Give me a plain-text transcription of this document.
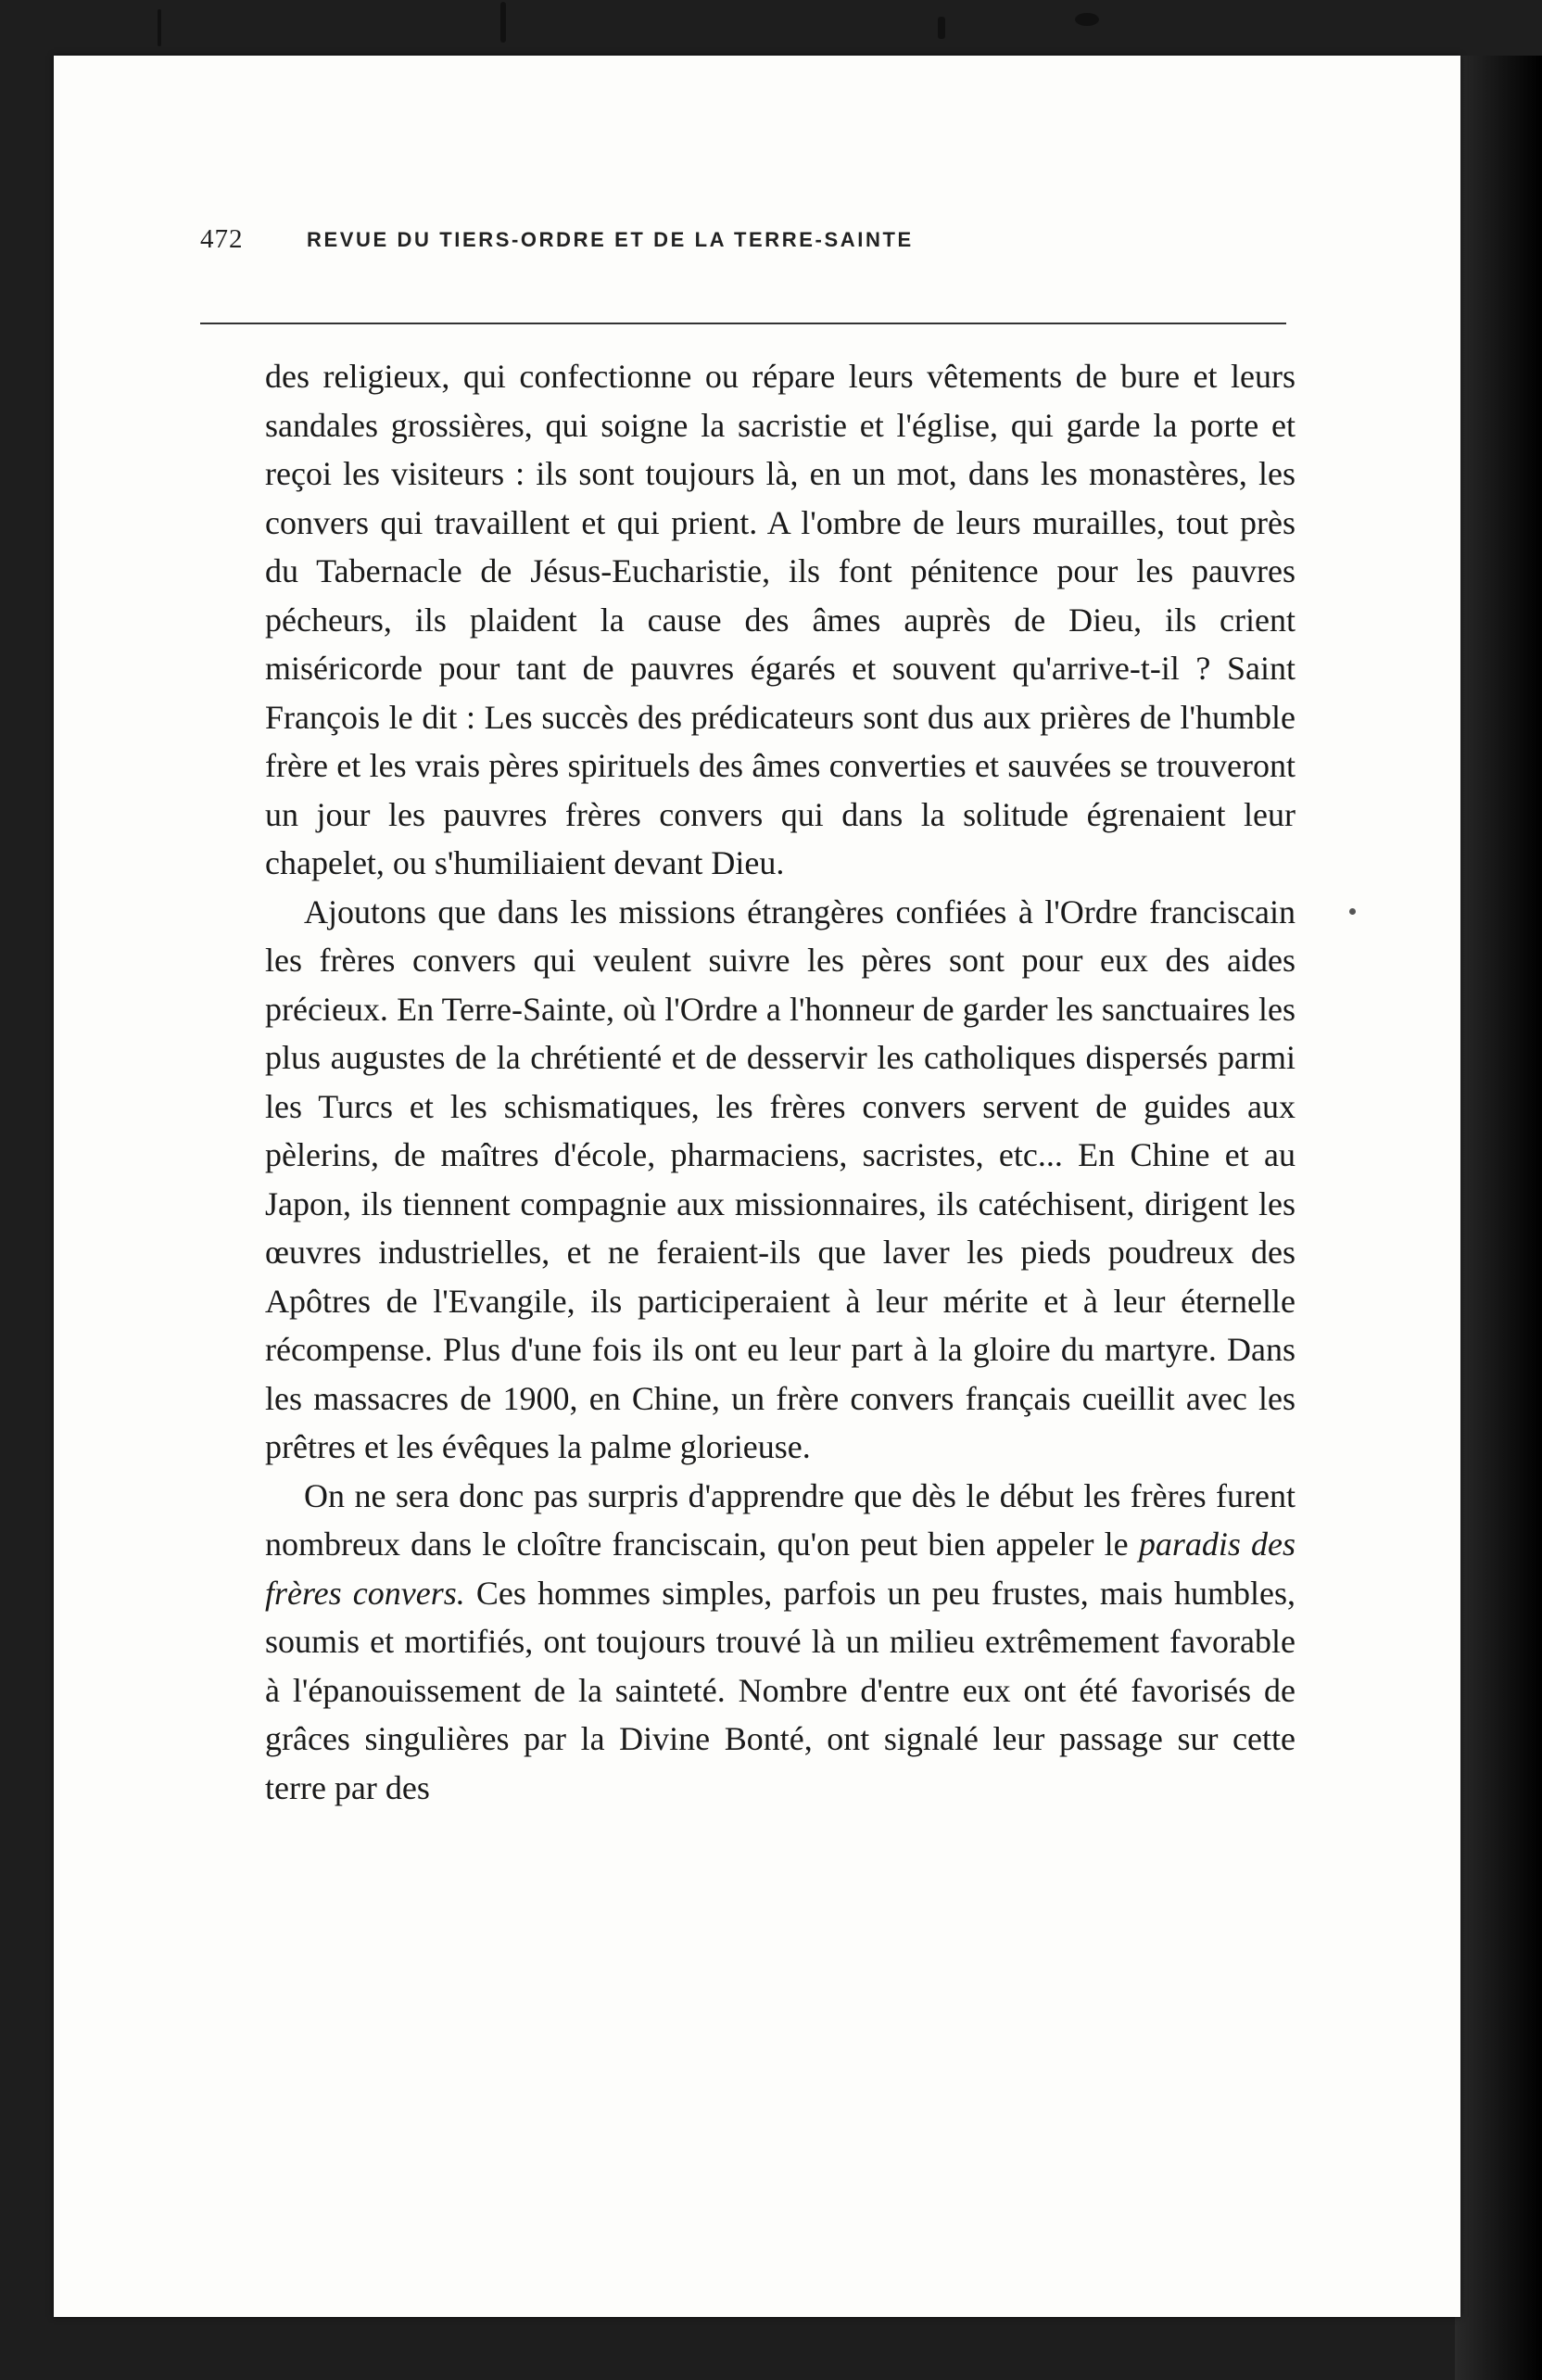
472	REVUE DU TIERS-ORDRE ET DE LA TERRE-SAINTE

des religieux, qui confectionne ou répare leurs vêtements de bure et leurs sandales grossières, qui soigne la sacristie et l'église, qui garde la porte et reçoi les visiteurs : ils sont toujours là, en un mot, dans les monastères, les convers qui travaillent et qui prient. A l'ombre de leurs murailles, tout près du Tabernacle de Jésus-Eucharistie, ils font pénitence pour les pauvres pécheurs, ils plaident la cause des âmes auprès de Dieu, ils crient miséricorde pour tant de pauvres égarés et souvent qu'arrive-t-il ? Saint François le dit : Les succès des prédicateurs sont dus aux prières de l'humble frère et les vrais pères spirituels des âmes converties et sauvées se trouveront un jour les pauvres frères convers qui dans la solitude égrenaient leur chapelet, ou s'humiliaient devant Dieu.

Ajoutons que dans les missions étrangères confiées à l'Ordre franciscain les frères convers qui veulent suivre les pères sont pour eux des aides précieux. En Terre-Sainte, où l'Ordre a l'honneur de garder les sanctuaires les plus augustes de la chrétienté et de desservir les catholiques dispersés parmi les Turcs et les schismatiques, les frères convers servent de guides aux pèlerins, de maîtres d'école, pharmaciens, sacristes, etc... En Chine et au Japon, ils tiennent compagnie aux missionnaires, ils catéchisent, dirigent les œuvres industrielles, et ne feraient-ils que laver les pieds poudreux des Apôtres de l'Evangile, ils participeraient à leur mérite et à leur éternelle récompense. Plus d'une fois ils ont eu leur part à la gloire du martyre. Dans les massacres de 1900, en Chine, un frère convers français cueillit avec les prêtres et les évêques la palme glorieuse.

On ne sera donc pas surpris d'apprendre que dès le début les frères furent nombreux dans le cloître franciscain, qu'on peut bien appeler le paradis des frères convers. Ces hommes simples, parfois un peu frustes, mais humbles, soumis et mortifiés, ont toujours trouvé là un milieu extrêmement favorable à l'épanouissement de la sainteté. Nombre d'entre eux ont été favorisés de grâces singulières par la Divine Bonté, ont signalé leur passage sur cette terre par des
